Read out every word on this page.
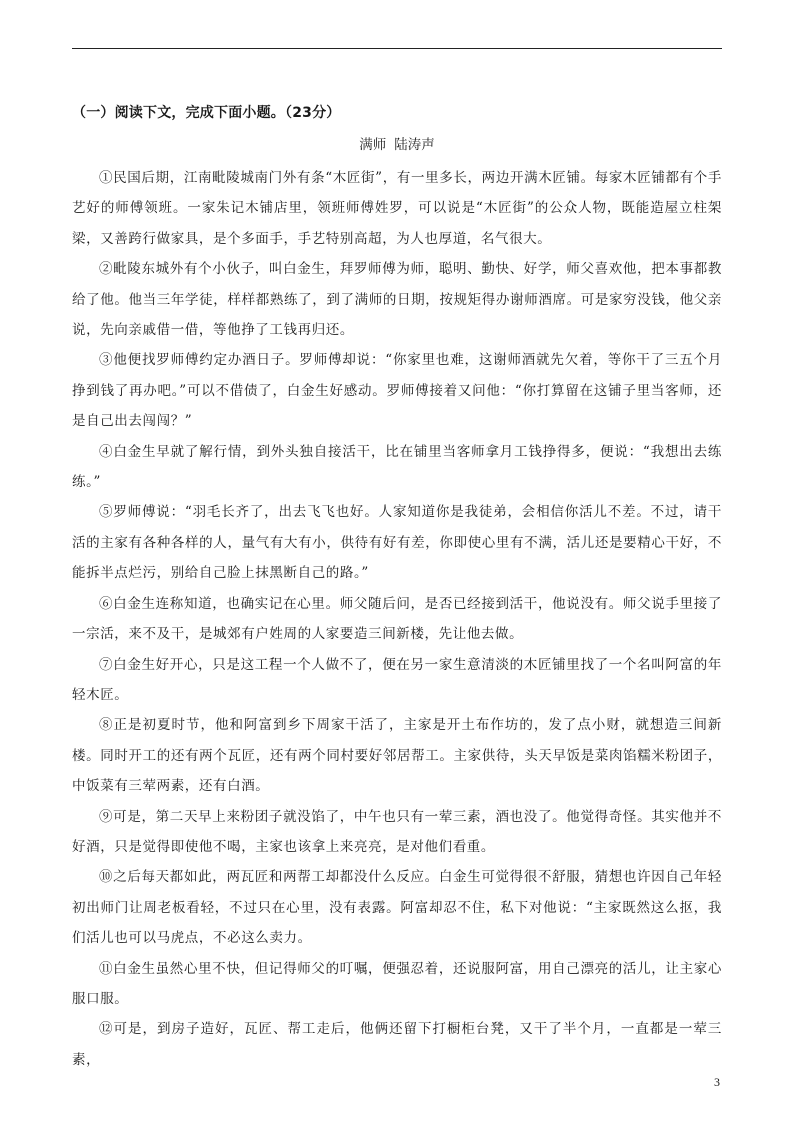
（一）阅读下文，完成下面小题。（23分）
满师 陆涛声

①民国后期，江南毗陵城南门外有条“木匠街”，有一里多长，两边开满木匠铺。每家木匠铺都有个手艺好的师傅领班。一家朱记木铺店里，领班师傅姓罗，可以说是“木匠街”的公众人物，既能造屋立柱架梁，又善跨行做家具，是个多面手，手艺特别高超，为人也厚道，名气很大。

②毗陵东城外有个小伙子，叫白金生，拜罗师傅为师，聪明、勤快、好学，师父喜欢他，把本事都教给了他。他当三年学徒，样样都熟练了，到了满师的日期，按规矩得办谢师酒席。可是家穷没钱，他父亲说，先向亲戚借一借，等他挣了工钱再归还。

③他便找罗师傅约定办酒日子。罗师傅却说：“你家里也难，这谢师酒就先欠着，等你干了三五个月挣到钱了再办吧。”可以不借债了，白金生好感动。罗师傅接着又问他：“你打算留在这铺子里当客师，还是自己出去闯闯？”

④白金生早就了解行情，到外头独自接活干，比在铺里当客师拿月工钱挣得多，便说：“我想出去练练。”

⑤罗师傅说：“羽毛长齐了，出去飞飞也好。人家知道你是我徒弟，会相信你活儿不差。不过，请干活的主家有各种各样的人，量气有大有小，供待有好有差，你即使心里有不满，活儿还是要精心干好，不能拆半点烂污，别给自己脸上抹黑断自己的路。”

⑥白金生连称知道，也确实记在心里。师父随后问，是否已经接到活干，他说没有。师父说手里接了一宗活，来不及干，是城郊有户姓周的人家要造三间新楼，先让他去做。

⑦白金生好开心，只是这工程一个人做不了，便在另一家生意清淡的木匠铺里找了一个名叫阿富的年轻木匠。

⑧正是初夏时节，他和阿富到乡下周家干活了，主家是开土布作坊的，发了点小财，就想造三间新楼。同时开工的还有两个瓦匠，还有两个同村要好邻居帮工。主家供待，头天早饭是菜肉馅糯米粉团子，中饭菜有三荤两素，还有白酒。

⑨可是，第二天早上来粉团子就没馅了，中午也只有一荤三素，酒也没了。他觉得奇怪。其实他并不好酒，只是觉得即使他不喝，主家也该拿上来亮亮，是对他们看重。

⑩之后每天都如此，两瓦匠和两帮工却都没什么反应。白金生可觉得很不舒服，猜想也许因自己年轻初出师门让周老板看轻，不过只在心里，没有表露。阿富却忍不住，私下对他说：“主家既然这么抠，我们活儿也可以马虎点，不必这么卖力。

⑪白金生虽然心里不快，但记得师父的叮嘱，便强忍着，还说服阿富，用自己漂亮的活儿，让主家心服口服。

⑫可是，到房子造好，瓦匠、帮工走后，他俩还留下打橱柜台凳，又干了半个月，一直都是一荤三素，

3
